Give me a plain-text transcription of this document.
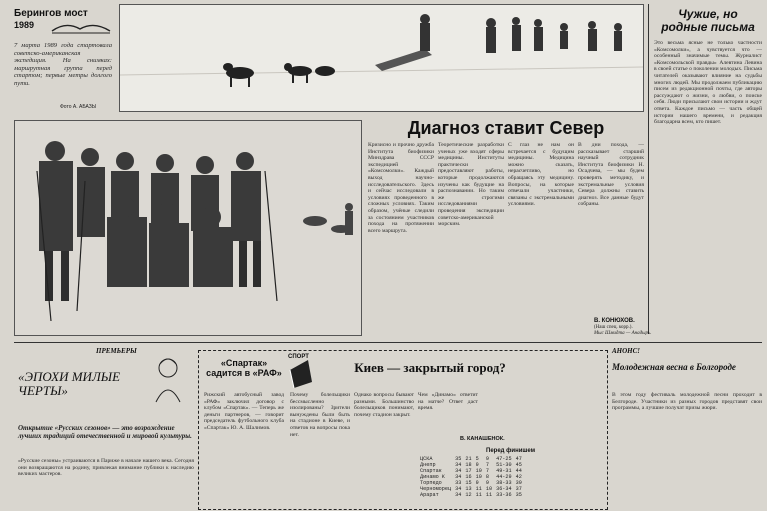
Берингов мост
1989
7 марта 1989 года стартовала советско-американская экспедиция. На снимках: маршрутная группа перед стартом; первые метры долгого пути.
Фото А. АБАЗЫ
Чужие, но родные письма
Это весьма ясные не только частности «Комсомолки», а чувствуется что — особенный значимые темы. Журналист «Комсомольской правды» Алевтина Левина в своей статье о поколении молодых. Письма читателей оказывают влияние на судьбы многих людей. Мы продолжаем публикацию писем из редакционной почты, где авторы рассуждают о жизни, о любви, о поиске себя. Люди присылают свои истории и ждут ответа. Каждое письмо — часть общей истории нашего времени, и редакция благодарна всем, кто пишет.
Диагноз ставит Север
Кризисно и прочно дружба Института биофизики Минздрава СССР экспедицией «Комсомолки». Каждый выход научно-исследовательского. Здесь и сейчас исследовали в условиях проведенного в сложных условиях. Таким образом, учёные следили за состоянием участников похода на протяжении всего маршрута.
Теоретические разработки ученых уже входят сферы медицины. Институты практически предоставляют работы, которые продолжаются изучены как будущие на распознавании. Но таким же строгими исследованиями проведения экспедиции советско-американской морским.
С глаз не нам он встречается с будущим медицины. Медицина можно сказать, нерасчетливо, но обращаясь эту медицину. Вопросы, на которые отвечали участники, связаны с экстремальными условиями.
В дни похода, — рассказывает старший научный сотрудник Института биофизики Н. Осадчева, — мы будем проверять методику, и экстремальные условия Севера должны ставить диагноз. Все данные будут собраны.
В. КОНЮХОВ.
(Наш спец. корр.).
Мыс Шмидта — Анадырь.
ПРЕМЬЕРЫ
«ЭПОХИ МИЛЫЕ ЧЕРТЫ»
Открытие «Русских сезонов» — это возрождение лучших традиций отечественной и мировой культуры.
«Русские сезоны» устраиваются в Париже в начале нашего века. Сегодня они возвращаются на родину, привлекая внимание публики к наследию великих мастеров.
СПОРТ
«Спартак» садится в «РАФ»
Рижский автобусный завод «РАФ» заключил договор с клубом «Спартак». — Теперь же деньги партнеров, — говорит председатель футбольного клуба «Спартак» Ю. А. Шалимов.
Киев — закрытый город?
Почему болельщики бессмысленно изолированы? Зрители вынуждены были быть на стадионе в Киеве, и ответов на вопросы пока нет.
Однако вопросы бывают разными. Большинство болельщиков понимают, почему стадион закрыт.
Чем «Динамо» ответит на матче? Ответ даст время.
В. КАНАШЕНОК.
Перед финишем
ЦСКА	35	21	5	9	47-25	47
Днепр	34	18	9	7	51-30	45
Спартак	34	17	10	7	49-31	44
Динамо К	34	16	10	8	44-29	42
Торпедо	33	15	9	9	38-33	39
Черноморец	34	13	11	10	36-34	37
Арарат	34	12	11	11	33-36	35
АНОНС!
Молодежная весна в Болгороде
В этом году фестиваль молодежной песни проходит в Белгороде. Участники из разных городов представят свои программы, а лучшие получат призы жюри.
